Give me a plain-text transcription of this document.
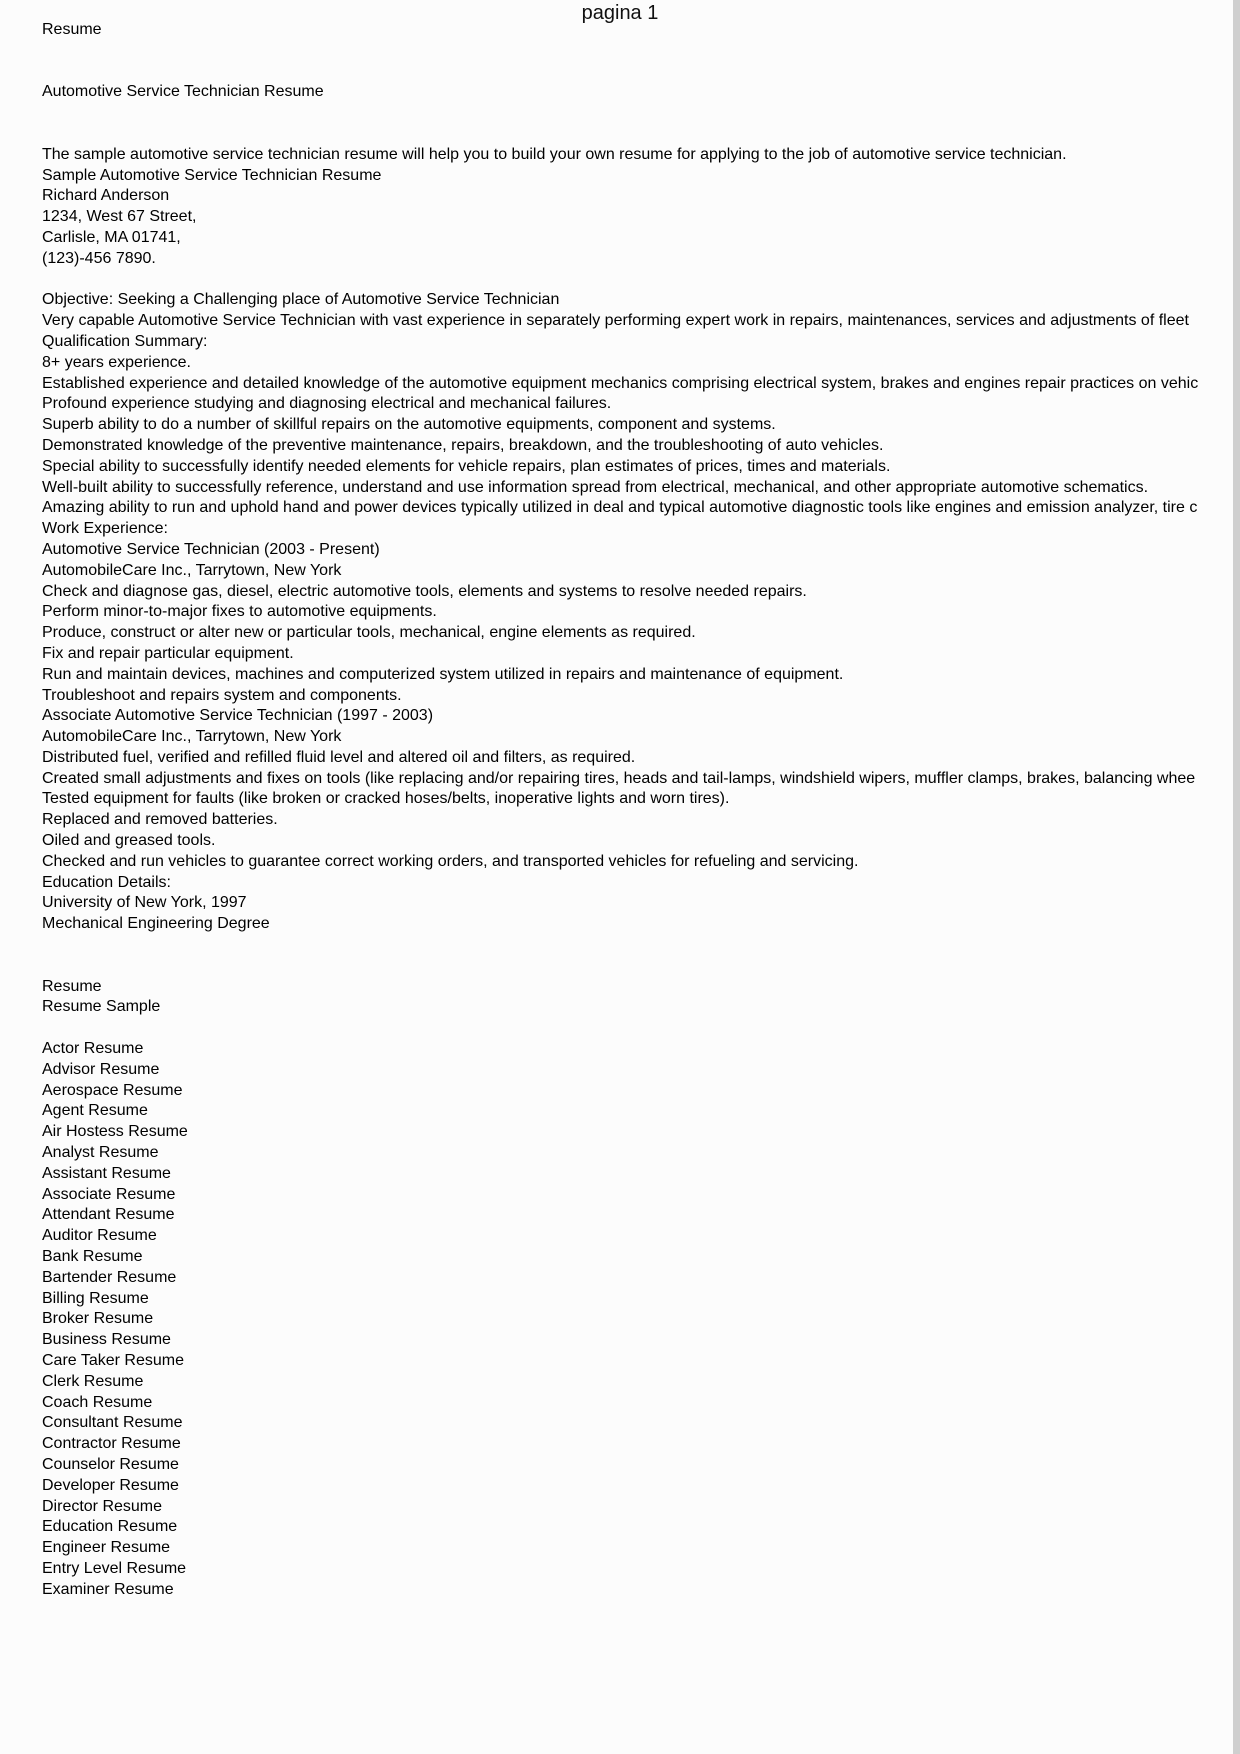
pagina 1
Resume
Automotive Service Technician Resume
The sample automotive service technician resume will help you to build your own resume for applying to the job of automotive service technician.
Sample Automotive Service Technician Resume
Richard Anderson
1234, West 67 Street,
Carlisle, MA 01741,
(123)-456 7890.
Objective: Seeking a Challenging place of Automotive Service Technician
Very capable Automotive Service Technician with vast experience in separately performing expert work in repairs, maintenances, services and adjustments of fleet
Qualification Summary:
8+ years experience.
Established experience and detailed knowledge of the automotive equipment mechanics comprising electrical system, brakes and engines repair practices on vehic
Profound experience studying and diagnosing electrical and mechanical failures.
Superb ability to do a number of skillful repairs on the automotive equipments, component and systems.
Demonstrated knowledge of the preventive maintenance, repairs, breakdown, and the troubleshooting of auto vehicles.
Special ability to successfully identify needed elements for vehicle repairs, plan estimates of prices, times and materials.
Well-built ability to successfully reference, understand and use information spread from electrical, mechanical, and other appropriate automotive schematics.
Amazing ability to run and uphold hand and power devices typically utilized in deal and typical automotive diagnostic tools like engines and emission analyzer, tire c
Work Experience:
Automotive Service Technician (2003 - Present)
AutomobileCare Inc., Tarrytown, New York
Check and diagnose gas, diesel, electric automotive tools, elements and systems to resolve needed repairs.
Perform minor-to-major fixes to automotive equipments.
Produce, construct or alter new or particular tools, mechanical, engine elements as required.
Fix and repair particular equipment.
Run and maintain devices, machines and computerized system utilized in repairs and maintenance of equipment.
Troubleshoot and repairs system and components.
Associate Automotive Service Technician (1997 - 2003)
AutomobileCare Inc., Tarrytown, New York
Distributed fuel, verified and refilled fluid level and altered oil and filters, as required.
Created small adjustments and fixes on tools (like replacing and/or repairing tires, heads and tail-lamps, windshield wipers, muffler clamps, brakes, balancing whee
Tested equipment for faults (like broken or cracked hoses/belts, inoperative lights and worn tires).
Replaced and removed batteries.
Oiled and greased tools.
Checked and run vehicles to guarantee correct working orders, and transported vehicles for refueling and servicing.
Education Details:
University of New York, 1997
Mechanical Engineering Degree
Resume
Resume Sample
Actor Resume
Advisor Resume
Aerospace Resume
Agent Resume
Air Hostess Resume
Analyst Resume
Assistant Resume
Associate Resume
Attendant Resume
Auditor Resume
Bank Resume
Bartender Resume
Billing Resume
Broker Resume
Business Resume
Care Taker Resume
Clerk Resume
Coach Resume
Consultant Resume
Contractor Resume
Counselor Resume
Developer Resume
Director Resume
Education Resume
Engineer Resume
Entry Level Resume
Examiner Resume
